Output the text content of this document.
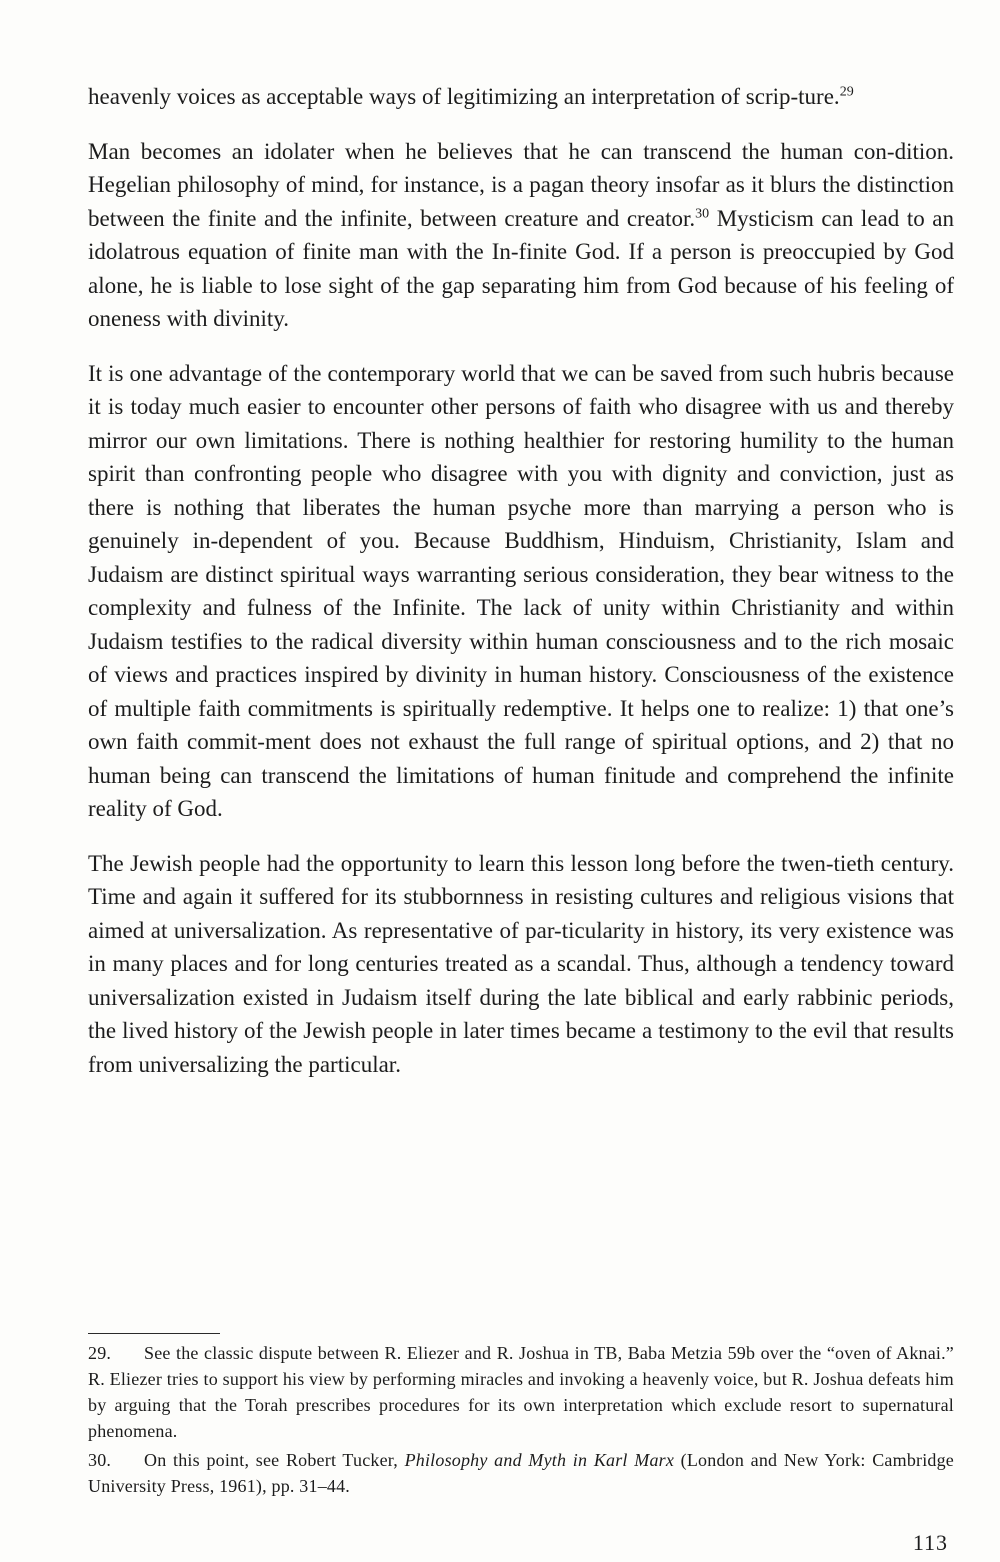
heavenly voices as acceptable ways of legitimizing an interpretation of scrip-ture.$^{29}$

Man becomes an idolater when he believes that he can transcend the human con-dition. Hegelian philosophy of mind, for instance, is a pagan theory insofar as it blurs the distinction between the finite and the infinite, between creature and creator.$^{30}$ Mysticism can lead to an idolatrous equation of finite man with the In-finite God. If a person is preoccupied by God alone, he is liable to lose sight of the gap separating him from God because of his feeling of oneness with divinity.

It is one advantage of the contemporary world that we can be saved from such hubris because it is today much easier to encounter other persons of faith who disagree with us and thereby mirror our own limitations. There is nothing healthier for restoring humility to the human spirit than confronting people who disagree with you with dignity and conviction, just as there is nothing that liberates the human psyche more than marrying a person who is genuinely in-dependent of you. Because Buddhism, Hinduism, Christianity, Islam and Judaism are distinct spiritual ways warranting serious consideration, they bear witness to the complexity and fulness of the Infinite. The lack of unity within Christianity and within Judaism testifies to the radical diversity within human consciousness and to the rich mosaic of views and practices inspired by divinity in human history. Consciousness of the existence of multiple faith commitments is spiritually redemptive. It helps one to realize: 1) that one’s own faith commit-ment does not exhaust the full range of spiritual options, and 2) that no human being can transcend the limitations of human finitude and comprehend the infinite reality of God.

The Jewish people had the opportunity to learn this lesson long before the twen-tieth century. Time and again it suffered for its stubbornness in resisting cultures and religious visions that aimed at universalization. As representative of par-ticularity in history, its very existence was in many places and for long centuries treated as a scandal. Thus, although a tendency toward universalization existed in Judaism itself during the late biblical and early rabbinic periods, the lived history of the Jewish people in later times became a testimony to the evil that results from universalizing the particular.

29. See the classic dispute between R. Eliezer and R. Joshua in TB, Baba Metzia 59b over the “oven of Aknai.” R. Eliezer tries to support his view by performing miracles and invoking a heavenly voice, but R. Joshua defeats him by arguing that the Torah prescribes procedures for its own interpretation which exclude resort to supernatural phenomena.

30. On this point, see Robert Tucker, Philosophy and Myth in Karl Marx (London and New York: Cambridge University Press, 1961), pp. 31–44.

113
